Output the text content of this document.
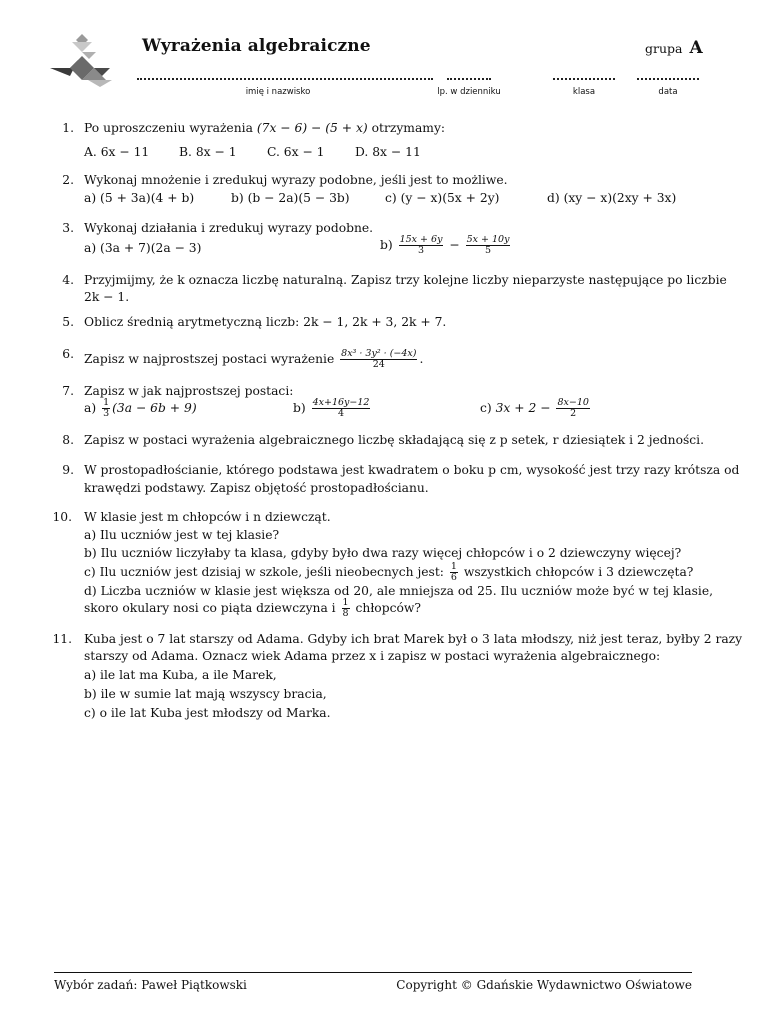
Wyrażenia algebraiczne	grupa A
imię i nazwisko	lp. w dzienniku	klasa	data
1. Po uproszczeniu wyrażenia (7x − 6) − (5 + x) otrzymamy:
A. 6x − 11 B. 8x − 1 C. 6x − 1 D. 8x − 11
2. Wykonaj mnożenie i zredukuj wyrazy podobne, jeśli jest to możliwe.
a) (5 + 3a)(4 + b)	b) (b − 2a)(5 − 3b)	c) (y − x)(5x + 2y)	d) (xy − x)(2xy + 3x)
3. Wykonaj działania i zredukuj wyrazy podobne.
a) (3a + 7)(2a − 3)	$b) \frac{15x + 6y}{3} - \frac{5x + 10y}{5}$
4. Przyjmijmy, że k oznacza liczbę naturalną. Zapisz trzy kolejne liczby nieparzyste następujące po liczbie
2k − 1.
5. Oblicz średnią arytmetyczną liczb: 2k − 1, 2k + 3, 2k + 7.
6. Zapisz w najprostszej postaci wyrażenie $\frac{\text{8x³ · 3y² · (−4x)}}{24}$ .
7. Zapisz w jak najprostszej postaci:
$a) \frac{1}{3} (3a - 6b + 9)$	$b) \frac{4x+16y-12}{4}$	c) $3x + 2 - \frac{8x-10}{2}$
8. Zapisz w postaci wyrażenia algebraicznego liczbę składającą się z p setek, r dziesiątek i 2 jedności.
9. W prostopadłościanie, którego podstawa jest kwadratem o boku p cm, wysokość jest trzy razy krótsza od
krawędzi podstawy. Zapisz objętość prostopadłościanu.
10. W klasie jest m chłopców i n dziewcząt.
a) Ilu uczniów jest w tej klasie?
b) Ilu uczniów liczyłaby ta klasa, gdyby było dwa razy więcej chłopców i o 2 dziewczyny więcej?
c) Ilu uczniów jest dzisiaj w szkole, jeśli nieobecnych jest: $\frac{1}{6}$ wszystkich chłopców i 3 dziewczęta?
d) Liczba uczniów w klasie jest większa od 20, ale mniejsza od 25. Ilu uczniów może być w tej klasie,
skoro okulary nosi co piąta dziewczyna i $\frac{1}{8}$ chłopców?
11. Kuba jest o 7 lat starszy od Adama. Gdyby ich brat Marek był o 3 lata młodszy, niż jest teraz, byłby 2 razy
starszy od Adama. Oznacz wiek Adama przez x i zapisz w postaci wyrażenia algebraicznego:
a) ile lat ma Kuba, a ile Marek,
b) ile w sumie lat mają wszyscy bracia,
c) o ile lat Kuba jest młodszy od Marka.
Wybór zadań: Paweł Piątkowski	Copyright © Gdańskie Wydawnictwo Oświatowe
